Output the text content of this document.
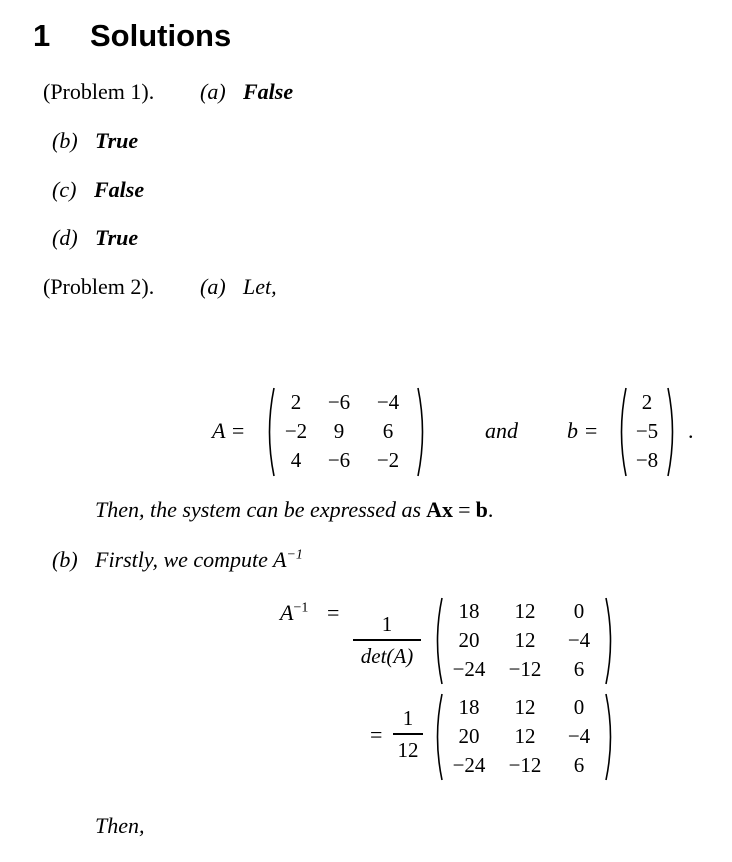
1 Solutions
(Problem 1). (a) False
(b) True
(c) False
(d) True
(Problem 2). (a) Let,
A =
2	−6	−4
−2	9	6
4	−6	−2
and b =
2
−5
−8
.
Then, the system can be expressed as Ax = b.
(b) Firstly, we compute $A^{-1}$
$A^{-1}$ =	1
det(A)
18	12	0
20	12	−4
−24	−12	6
=
1
12
18	12	0
20	12	−4
−24	−12	6
Then,
